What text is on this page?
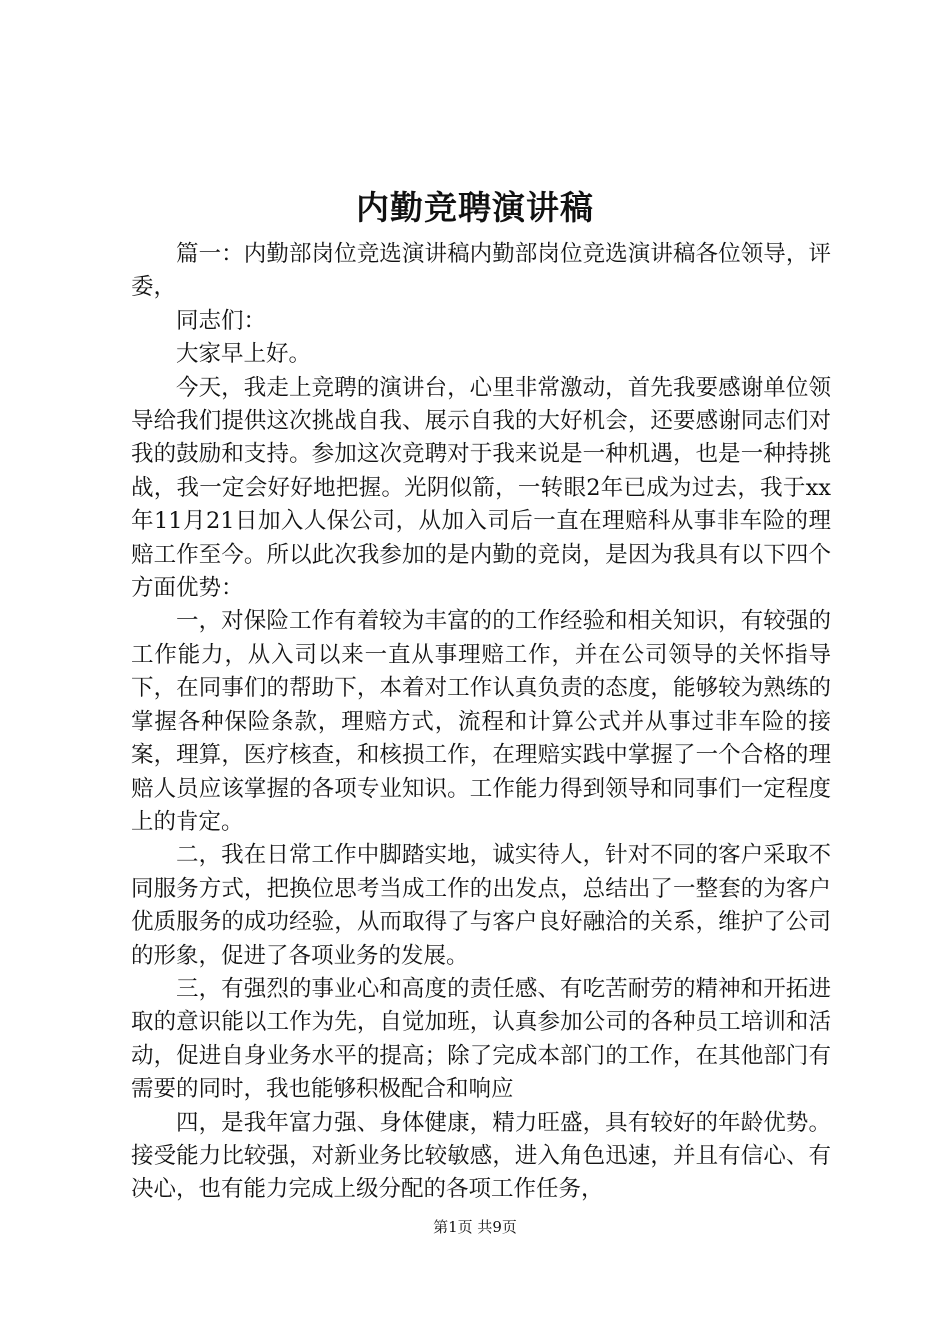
内勤竞聘演讲稿

篇一：内勤部岗位竞选演讲稿内勤部岗位竞选演讲稿各位领导，评委，

同志们：

大家早上好。

今天，我走上竞聘的演讲台，心里非常激动，首先我要感谢单位领导给我们提供这次挑战自我、展示自我的大好机会，还要感谢同志们对我的鼓励和支持。参加这次竞聘对于我来说是一种机遇，也是一种持挑战，我一定会好好地把握。光阴似箭，一转眼2年已成为过去，我于xx年11月21日加入人保公司，从加入司后一直在理赔科从事非车险的理赔工作至今。所以此次我参加的是内勤的竞岗，是因为我具有以下四个方面优势：

一，对保险工作有着较为丰富的的工作经验和相关知识，有较强的工作能力，从入司以来一直从事理赔工作，并在公司领导的关怀指导下，在同事们的帮助下，本着对工作认真负责的态度，能够较为熟练的掌握各种保险条款，理赔方式，流程和计算公式并从事过非车险的接案，理算，医疗核查，和核损工作，在理赔实践中掌握了一个合格的理赔人员应该掌握的各项专业知识。工作能力得到领导和同事们一定程度上的肯定。

二，我在日常工作中脚踏实地，诚实待人，针对不同的客户采取不同服务方式，把换位思考当成工作的出发点，总结出了一整套的为客户优质服务的成功经验，从而取得了与客户良好融洽的关系，维护了公司的形象，促进了各项业务的发展。

三，有强烈的事业心和高度的责任感、有吃苦耐劳的精神和开拓进取的意识能以工作为先，自觉加班，认真参加公司的各种员工培训和活动，促进自身业务水平的提高；除了完成本部门的工作，在其他部门有需要的同时，我也能够积极配合和响应

四，是我年富力强、身体健康，精力旺盛，具有较好的年龄优势。接受能力比较强，对新业务比较敏感，进入角色迅速，并且有信心、有决心，也有能力完成上级分配的各项工作任务，

第1页 共9页
